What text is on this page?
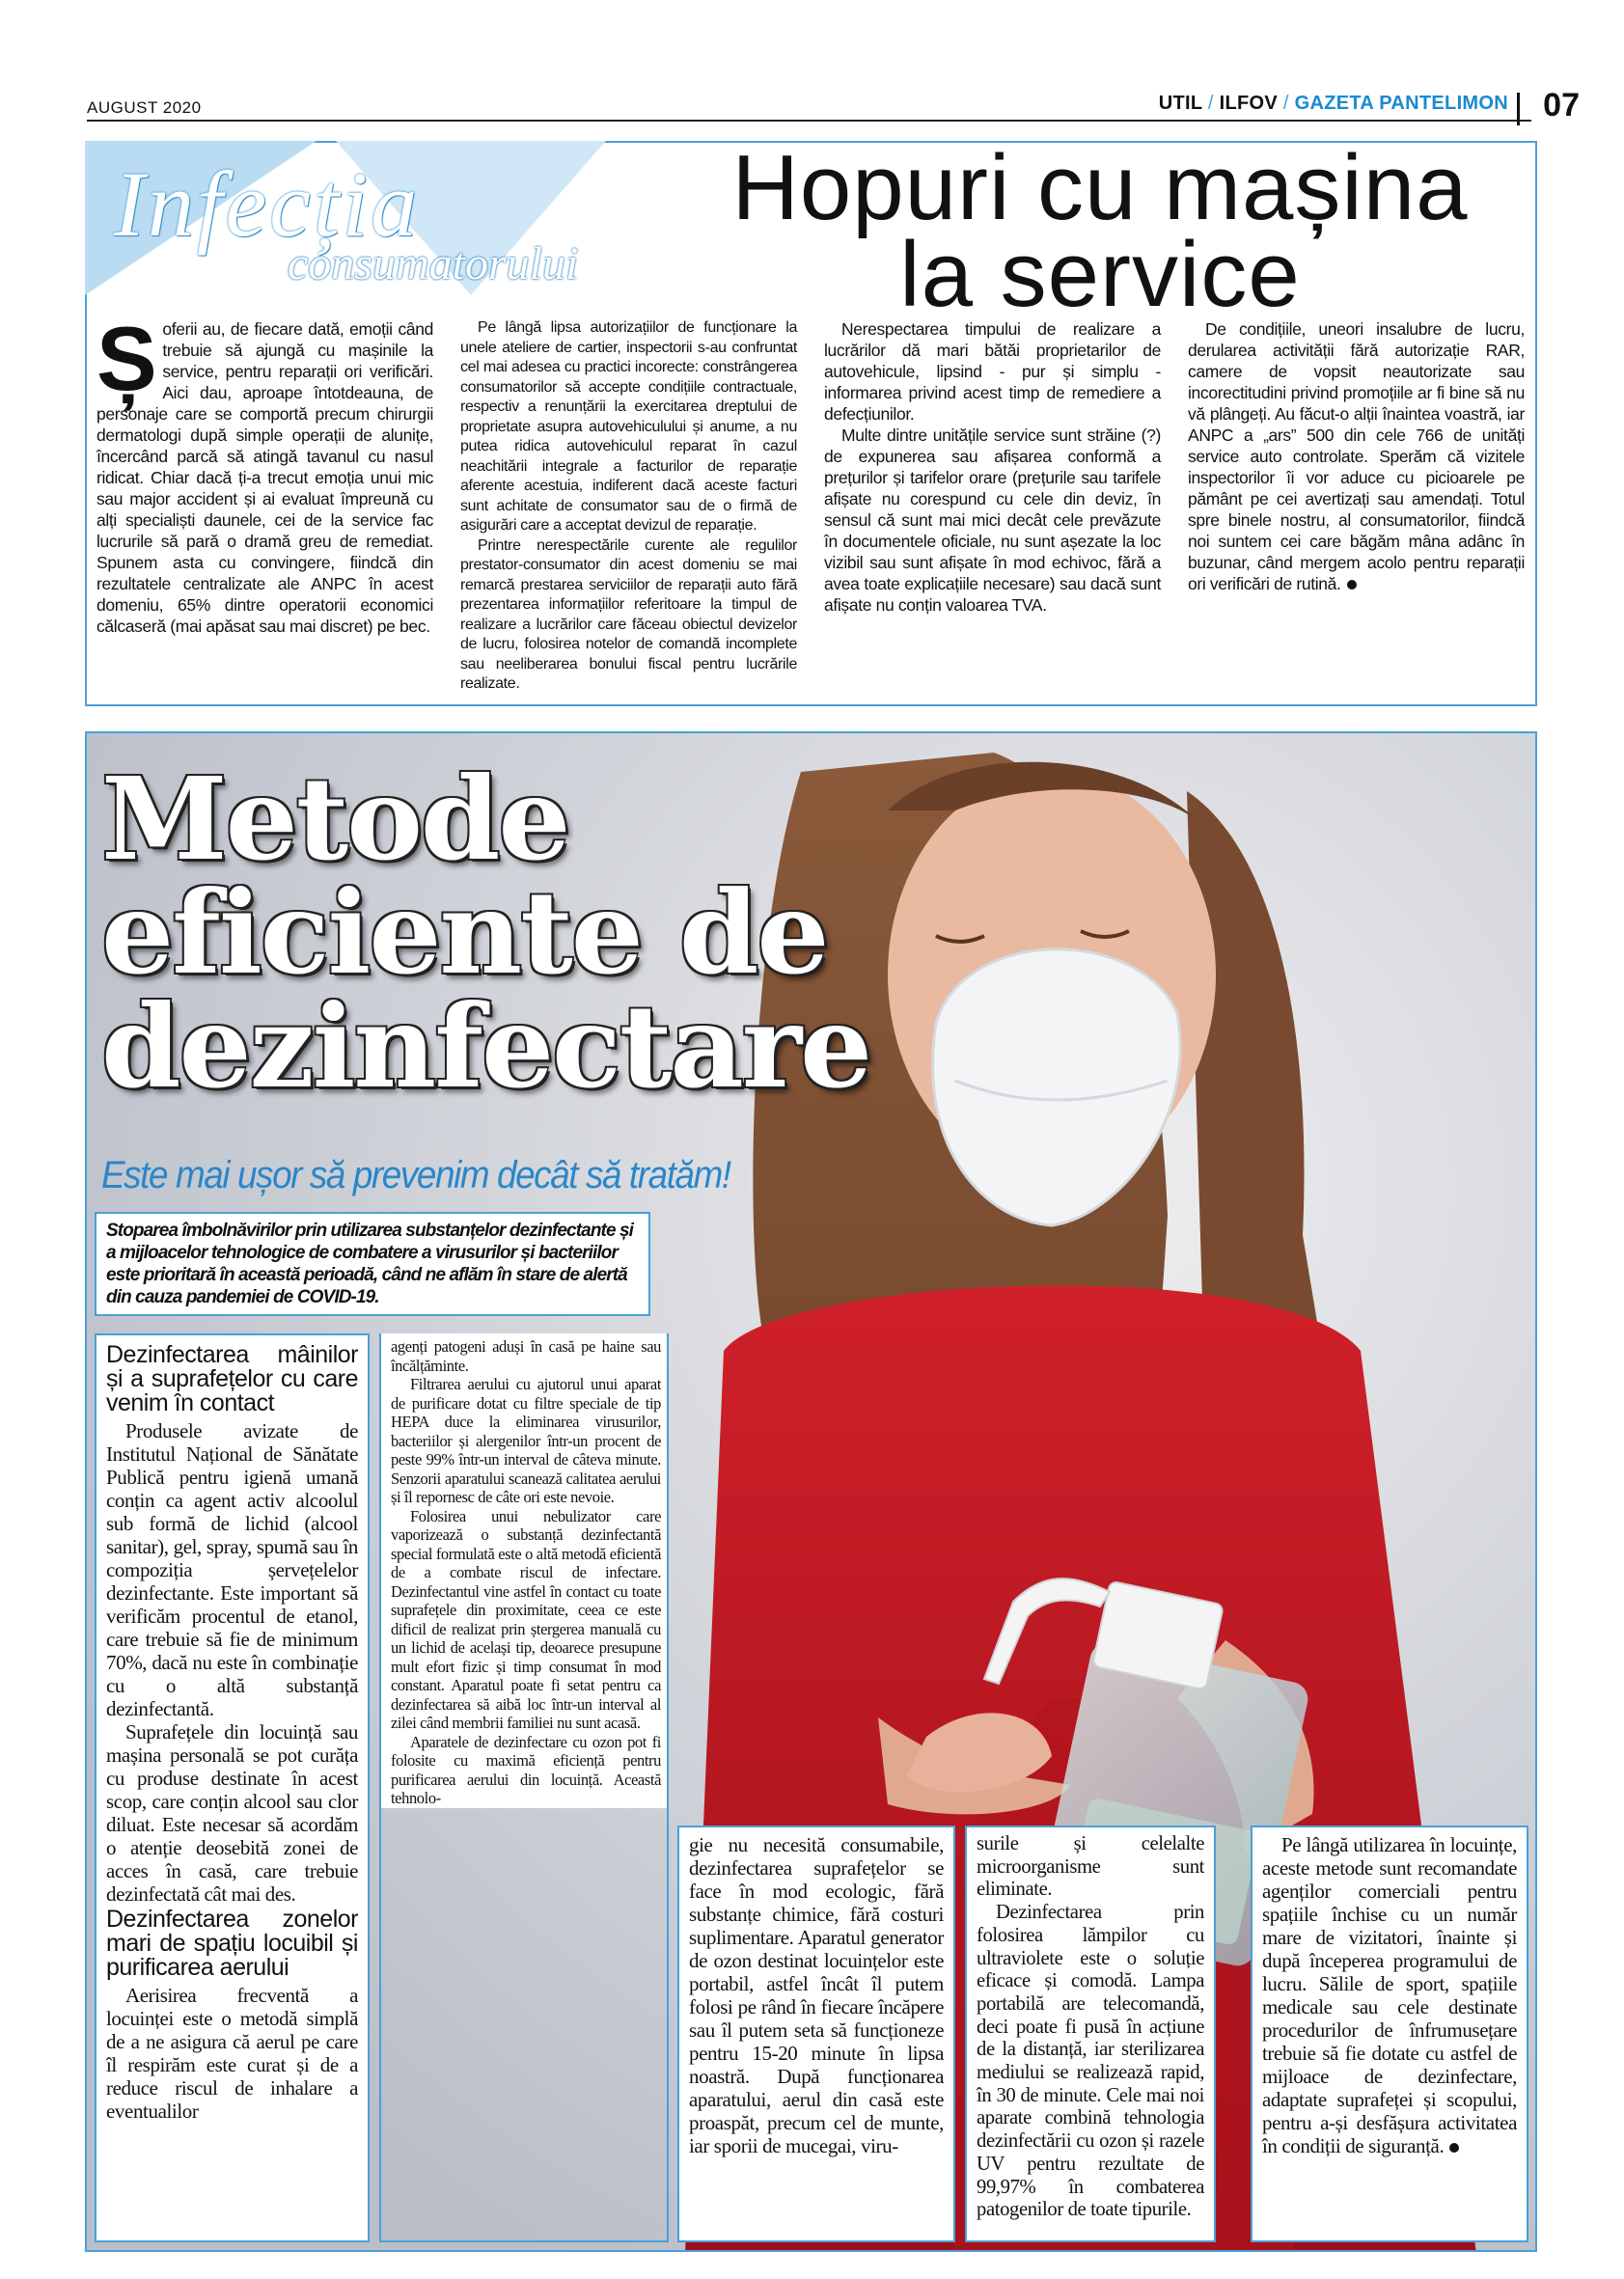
AUGUST 2020	UTIL / ILFOV / GAZETA PANTELIMON 07
Infecția
consumatorului
Hopuri cu mașina
la service

Șoferii au, de fiecare dată, emoții când trebuie să ajungă cu mașinile la service, pentru reparații ori verificări. Aici dau, aproape întotdeauna, de personaje care se comportă precum chirurgii dermatologi după simple operații de alunițe, încercând parcă să atingă tavanul cu nasul ridicat. Chiar dacă ți-a trecut emoția unui mic sau major accident și ai evaluat împreună cu alți specialiști daunele, cei de la service fac lucrurile să pară o dramă greu de remediat. Spunem asta cu convingere, fiindcă din rezultatele centralizate ale ANPC în acest domeniu, 65% dintre operatorii economici călcaseră (mai apăsat sau mai discret) pe bec.

Pe lângă lipsa autorizațiilor de funcționare la unele ateliere de cartier, inspectorii s-au confruntat cel mai adesea cu practici incorecte: constrângerea consumatorilor să accepte condițiile contractuale, respectiv a renunțării la exercitarea dreptului de proprietate asupra autovehiculului și anume, a nu putea ridica autovehiculul reparat în cazul neachitării integrale a facturilor de reparație aferente acestuia, indiferent dacă aceste facturi sunt achitate de consumator sau de o firmă de asigurări care a acceptat devizul de reparație.

Printre nerespectările curente ale regulilor prestator-consumator din acest domeniu se mai remarcă prestarea serviciilor de reparații auto fără prezentarea informațiilor referitoare la timpul de realizare a lucrărilor care făceau obiectul devizelor de lucru, folosirea notelor de comandă incomplete sau neeliberarea bonului fiscal pentru lucrările realizate.

Nerespectarea timpului de realizare a lucrărilor dă mari bătăi proprietarilor de autovehicule, lipsind - pur și simplu - informarea privind acest timp de remediere a defecțiunilor.

Multe dintre unitățile service sunt străine (?) de expunerea sau afișarea conformă a prețurilor și tarifelor orare (prețurile sau tarifele afișate nu corespund cu cele din deviz, în sensul că sunt mai mici decât cele prevăzute în documentele oficiale, nu sunt așezate la loc vizibil sau sunt afișate în mod echivoc, fără a avea toate explicațiile necesare) sau dacă sunt afișate nu conțin valoarea TVA.

De condițiile, uneori insalubre de lucru, derularea activității fără autorizație RAR, camere de vopsit neautorizate sau incorectitudini privind promoțiile ar fi bine să nu vă plângeți. Au făcut-o alții înaintea voastră, iar ANPC a „ars” 500 din cele 766 de unități service auto controlate. Sperăm că vizitele inspectorilor îi vor aduce cu picioarele pe pământ pe cei avertizați sau amendați. Totul spre binele nostru, al consumatorilor, fiindcă noi suntem cei care băgăm mâna adânc în buzunar, când mergem acolo pentru reparații ori verificări de rutină.

Metode
eficiente de
dezinfectare
Este mai ușor să prevenim decât să tratăm!
Stoparea îmbolnăvirilor prin utilizarea substanțelor dezinfectante și a mijloacelor tehnologice de combatere a virusurilor și bacteriilor este prioritară în această perioadă, când ne aflăm în stare de alertă din cauza pandemiei de COVID-19.
Dezinfectarea mâinilor și a suprafețelor cu care venim în contact

Produsele avizate de Institutul Național de Sănătate Publică pentru igienă umană conțin ca agent activ alcoolul sub formă de lichid (alcool sanitar), gel, spray, spumă sau în compoziția șervețelelor dezinfectante. Este important să verificăm procentul de etanol, care trebuie să fie de minimum 70%, dacă nu este în combinație cu o altă substanță dezinfectantă.

Suprafețele din locuință sau mașina personală se pot curăța cu produse destinate în acest scop, care conțin alcool sau clor diluat. Este necesar să acordăm o atenție deosebită zonei de acces în casă, care trebuie dezinfectată cât mai des.

Dezinfectarea zonelor mari de spațiu locuibil și purificarea aerului

Aerisirea frecventă a locuinței este o metodă simplă de a ne asigura că aerul pe care îl respirăm este curat și de a reduce riscul de inhalare a eventualilor

agenți patogeni aduși în casă pe haine sau încălțăminte.

Filtrarea aerului cu ajutorul unui aparat de purificare dotat cu filtre speciale de tip HEPA duce la eliminarea virusurilor, bacteriilor și alergenilor într-un procent de peste 99% într-un interval de câteva minute. Senzorii aparatului scanează calitatea aerului și îl repornesc de câte ori este nevoie.

Folosirea unui nebulizator care vaporizează o substanță dezinfectantă special formulată este o altă metodă eficientă de a combate riscul de infectare. Dezinfectantul vine astfel în contact cu toate suprafețele din proximitate, ceea ce este dificil de realizat prin ștergerea manuală cu un lichid de același tip, deoarece presupune mult efort fizic și timp consumat în mod constant. Aparatul poate fi setat pentru ca dezinfectarea să aibă loc într-un interval al zilei când membrii familiei nu sunt acasă.

Aparatele de dezinfectare cu ozon pot fi folosite cu maximă eficiență pentru purificarea aerului din locuință. Această tehnolo-

gie nu necesită consumabile, dezinfectarea suprafețelor se face în mod ecologic, fără substanțe chimice, fără costuri suplimentare. Aparatul generator de ozon destinat locuințelor este portabil, astfel încât îl putem folosi pe rând în fiecare încăpere sau îl putem seta să funcționeze pentru 15-20 minute în lipsa noastră. După funcționarea aparatului, aerul din casă este proaspăt, precum cel de munte, iar sporii de mucegai, viru-

surile și celelalte microorganisme sunt eliminate.

Dezinfectarea prin folosirea lămpilor cu ultraviolete este o soluție eficace și comodă. Lampa portabilă are telecomandă, deci poate fi pusă în acțiune de la distanță, iar sterilizarea mediului se realizează rapid, în 30 de minute. Cele mai noi aparate combină tehnologia dezinfectării cu ozon și razele UV pentru rezultate de 99,97% în combaterea patogenilor de toate tipurile.

Pe lângă utilizarea în locuințe, aceste metode sunt recomandate agenților comerciali pentru spațiile închise cu un număr mare de vizitatori, înainte și după începerea programului de lucru. Sălile de sport, spațiile medicale sau cele destinate procedurilor de înfrumusețare trebuie să fie dotate cu astfel de mijloace de dezinfectare, adaptate suprafeței și scopului, pentru a-și desfășura activitatea în condiții de siguranță.
